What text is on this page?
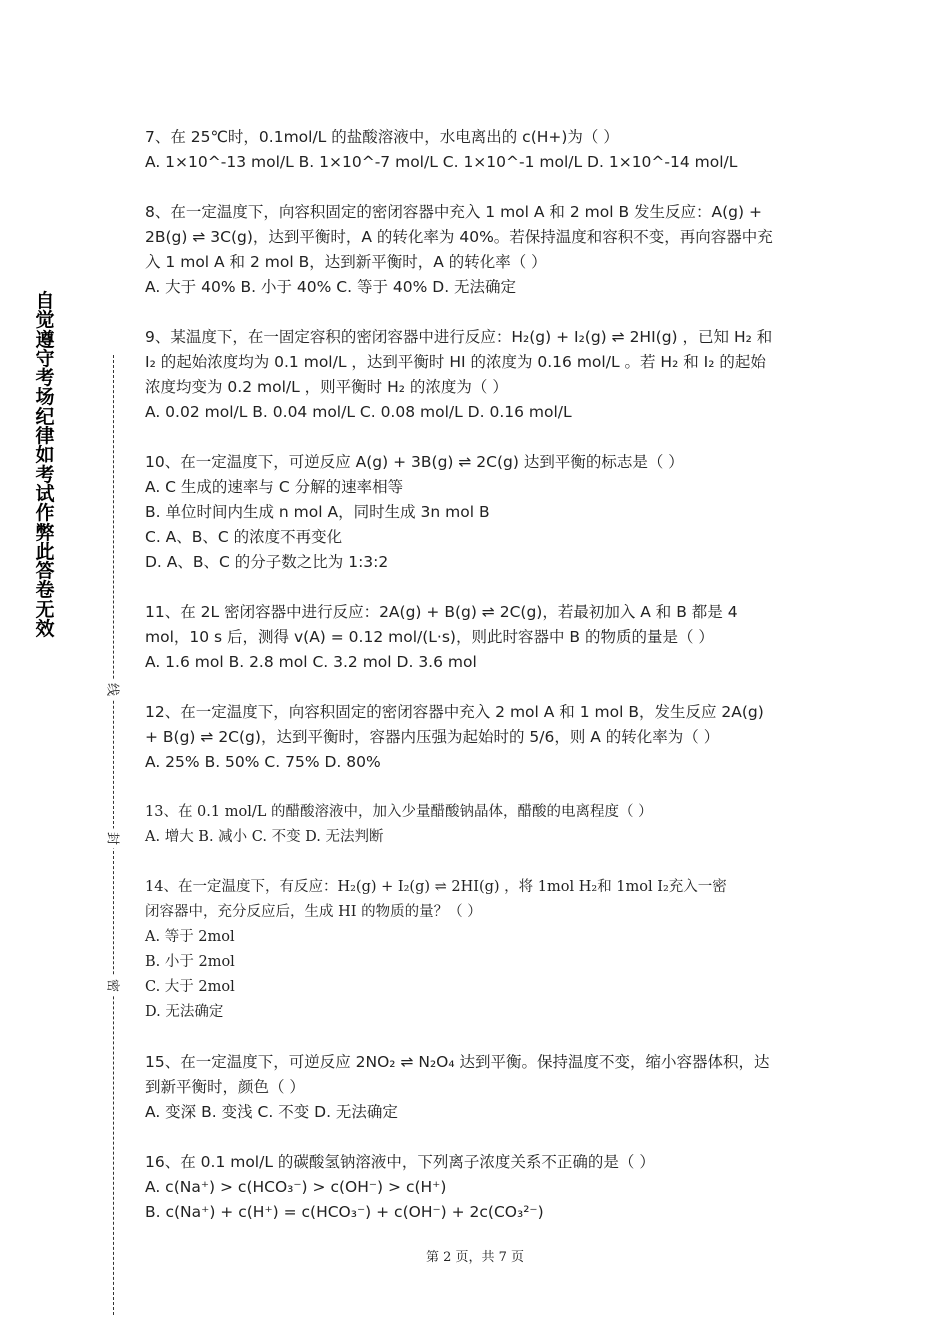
自觉遵守考场纪律如考试作弊此答卷无效
线
封
密
7、在 25℃时，0.1mol/L 的盐酸溶液中，水电离出的 c(H+)为（ ）
A. 1×10^-13 mol/L B. 1×10^-7 mol/L C. 1×10^-1 mol/L D. 1×10^-14 mol/L
8、在一定温度下，向容积固定的密闭容器中充入 1 mol A 和 2 mol B 发生反应：A(g) +
2B(g) ⇌ 3C(g)，达到平衡时，A 的转化率为 40%。若保持温度和容积不变，再向容器中充
入 1 mol A 和 2 mol B，达到新平衡时，A 的转化率（ ）
A. 大于 40% B. 小于 40% C. 等于 40% D. 无法确定
9、某温度下，在一固定容积的密闭容器中进行反应：H₂(g) + I₂(g) ⇌ 2HI(g) ，已知 H₂ 和
I₂ 的起始浓度均为 0.1 mol/L ，达到平衡时 HI 的浓度为 0.16 mol/L 。若 H₂ 和 I₂ 的起始
浓度均变为 0.2 mol/L ，则平衡时 H₂ 的浓度为（ ）
A. 0.02 mol/L B. 0.04 mol/L C. 0.08 mol/L D. 0.16 mol/L
10、在一定温度下，可逆反应 A(g) + 3B(g) ⇌ 2C(g) 达到平衡的标志是（ ）
A. C 生成的速率与 C 分解的速率相等
B. 单位时间内生成 n mol A，同时生成 3n mol B
C. A、B、C 的浓度不再变化
D. A、B、C 的分子数之比为 1:3:2
11、在 2L 密闭容器中进行反应：2A(g) + B(g) ⇌ 2C(g)，若最初加入 A 和 B 都是 4
mol，10 s 后，测得 v(A) = 0.12 mol/(L·s)，则此时容器中 B 的物质的量是（ ）
A. 1.6 mol B. 2.8 mol C. 3.2 mol D. 3.6 mol
12、在一定温度下，向容积固定的密闭容器中充入 2 mol A 和 1 mol B，发生反应 2A(g)
+ B(g) ⇌ 2C(g)，达到平衡时，容器内压强为起始时的 5/6，则 A 的转化率为（ ）
A. 25% B. 50% C. 75% D. 80%
13、在 0.1 mol/L 的醋酸溶液中，加入少量醋酸钠晶体，醋酸的电离程度（ ）
A. 增大 B. 减小 C. 不变 D. 无法判断
14、在一定温度下，有反应：H₂(g) + I₂(g) ⇌ 2HI(g) ，将 1mol H₂和 1mol I₂充入一密
闭容器中，充分反应后，生成 HI 的物质的量？（ ）
A. 等于 2mol
B. 小于 2mol
C. 大于 2mol
D. 无法确定
15、在一定温度下，可逆反应 2NO₂ ⇌ N₂O₄ 达到平衡。保持温度不变，缩小容器体积，达
到新平衡时，颜色（ ）
A. 变深 B. 变浅 C. 不变 D. 无法确定
16、在 0.1 mol/L 的碳酸氢钠溶液中，下列离子浓度关系不正确的是（ ）
A. c(Na⁺) > c(HCO₃⁻) > c(OH⁻) > c(H⁺)
B. c(Na⁺) + c(H⁺) = c(HCO₃⁻) + c(OH⁻) + 2c(CO₃²⁻)
第 2 页，共 7 页
